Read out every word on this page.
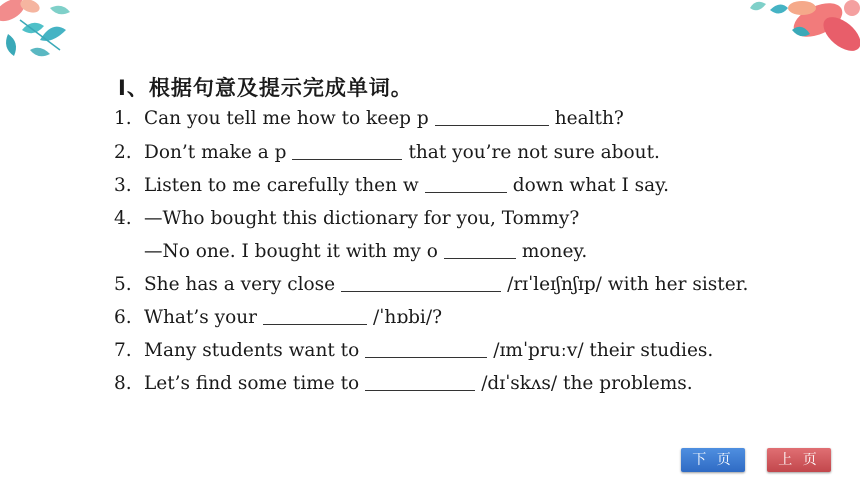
Ⅰ、根据句意及提示完成单词。
1. Can you tell me how to keep p	health?
2. Don’t make a p	that you’re not sure about.
3. Listen to me carefully then w	down what I say.
4. —Who bought this dictionary for you, Tommy?
—No one. I bought it with my o	money.
5. She has a very close	/rɪˈleɪʃnʃɪp/ with her sister.
6. What’s your	/ˈhɒbi/?
7. Many students want to	/ɪmˈpruːv/ their studies.
8. Let’s find some time to	/dɪˈskʌs/ the problems.
下 页	上 页
